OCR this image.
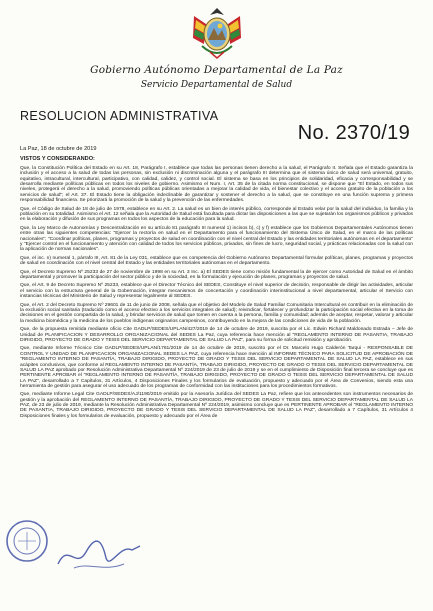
Gobierno Autónomo Departamental de La Paz
Servicio Departamental de Salud
RESOLUCION ADMINISTRATIVA
No. 2370/19
La Paz, 18 de octubre de 2019
VISTOS Y CONSIDERANDO:

Que, la Constitución Política del Estado en su Art. 18, Parágrafo I, establece que todas las personas tienen derecho a la salud, el Parágrafo II. Señala que el Estado garantiza la inclusión y el acceso a la salud de todas las personas, sin exclusión ni discriminación alguna y el parágrafo III determina que el sistema único de salud será universal, gratuito, equitativo, intracultural, intercultural, participativo, con calidad, calidez, y control social. El sistema se basa en los principios de solidaridad, eficacia y corresponsabilidad y se desarrolla mediante políticas públicas en todos los niveles de gobierno. Asimismo el Num. I, Art. 35 de la citada norma constitucional, se dispone que "El Estado, en todos sus niveles, protegerá el derecho a la salud, promoviendo políticas públicas orientadas a mejorar la calidad de vida, el bienestar colectivo y el acceso gratuito de la población a los servicios de salud"; el Art. 37. El Estado tiene la obligación indeclinable de garantizar y sostener el derecho a la salud, que se constituye en una función suprema y primera responsabilidad financiera. Se priorizará la promoción de la salud y la prevención de las enfermedades.

Que, el Código de Salud de 18 de julio de 1978, establece en su Art. 2. La salud es un bien de interés público, corresponde al Estado velar por la salud del individuo, la familia y la población en su totalidad. Asimismo el Art. 12 señala que la Autoridad de Salud está facultada para dictar las disposiciones a las que se sujetarán los organismos públicos y privados en la elaboración y difusión de sus programas en todos los aspectos de la educación para la salud.

Que, la Ley Marco de Autonomías y Descentralización en su artículo 81 parágrafo III numeral 1) incisos b), c) y f) establece que los Gobiernos Departamentales Autónomos tienen entre otras las siguientes competencias: "Ejercer la rectoría en salud en el Departamento para el funcionamiento del Sistema Único de Salud, en el marco de las políticas nacionales"; "Coordinar políticas, planes, programas y proyectos de salud en coordinación con el nivel central del Estado y las entidades territoriales autónomas en el departamento" y "Ejercer control en el funcionamiento y atención con calidad de todos los servicios públicos, privados, sin fines de lucro, seguridad social, y prácticas relacionadas con la salud con la aplicación de normas nacionales".

Que, el inc. n) numeral 1, párrafo III, Art. 81 de la Ley 031, establece que es competencia del Gobierno Autónomo Departamental formular políticas, planes, programas y proyectos de salud en coordinación con el nivel central del Estado y las entidades territoriales autónomas en el departamento.

Que, el Decreto Supremo Nº 25233 de 27 de noviembre de 1998 en su Art. 3 Inc. a) El SEDES tiene como misión fundamental la de ejercer como Autoridad de Salud en el ámbito departamental y promover la participación del sector público y de la sociedad, en la formulación y ejecución de planes, programas y proyectos de salud.

Que, el Art. 9 de Decreto Supremo Nº 25233, establece que el Director Técnico del SEDES, Constituye el nivel superior de decisión, responsable de dirigir las actividades, articular el servicio con la estructura general de la Gobernación, integrar mecanismos de concertación y coordinación interinstitucional a nivel departamental, articular el Servicio con instancias técnicas del Ministerio de Salud y representar legalmente al SEDES.

Que, el Art. 2 del Decreto Supremo Nº 29601 de 11 de junio de 2008, señala que el objetivo del Modelo de Salud Familiar Comunitaria Intercultural es contribuir en la eliminación de la exclusión social sanitaria (traducido como el acceso efectivo a los servicios integrales de salud); reivindicar, fortalecer y profundizar la participación social efectiva en la toma de decisiones en el gestión compartida de la salud, y brindar servicios de salud que tomen en cuenta a la persona, familia y comunidad; además de aceptar, respetar, valorar y articular la medicina biomédica y la medicina de los pueblos indígenas originarios campesinos, contribuyendo en la mejora de las condiciones de vida de la población.

Que, de la propuesta remitida mediante oficio Cite GADLP/SEDES/UPLAN/427/2019 de 14 de octubre de 2019, suscrita por el Lic. Edwin Richard Maldonado Estrada – Jefe de Unidad de PLANIFICACION Y DESARROLLO ORGANIZACIONAL del SEDES La Paz, cuya referencia hace mención al "REGLAMENTO INTERNO DE PASANTIA, TRABAJO DIRIGIDO, PROYECTO DE GRADO Y TESIS DEL SERVICIO DEPARTAMENTAL DE SALUD LA PAZ", para su forma de solicitud remisión y aprobación.

Que, mediante Informe Técnico Cite GADLP/SEDES/UPLAN/1761/2019 de 14 de octubre de 2019, suscrito por el Dr. Marcelo Hugo Calderón Tarqui - RESPONSABLE DE CONTROL Y UNIDAD DE PLANIFICACION ORGANIZACIONAL SEDES LA PAZ, cuya referencia hace mención al INFORME TÉCNICO PARA SOLICITUD DE APROBACIÓN DE "REGLAMENTO INTERNO DE PASANTÍA, TRABAJO DIRIGIDO, PROYECTO DE GRADO Y TESIS DEL SERVICIO DEPARTAMENTAL DE SALUD LA PAZ, establece en sus acápites conclusivos, que conforme al REGLAMENTO INTERNO DE PASANTÍA, TRABAJO DIRIGIDO, PROYECTO DE GRADO O TESIS DEL SERVICIO DEPARTAMENTAL DE SALUD LA PAZ aprobado por Resolución Administrativa Departamental Nº 224/2019 de 23 de julio de 2019 y se en el cumplimiento de Disposición final tercera se concluye que es PERTINENTE APROBAR el "REGLAMENTO INTERNO DE PASANTÍA, TRABAJO DIRIGIDO, PROYECTO DE GRADO O TESIS DEL SERVICIO DEPARTAMENTAL DE SALUD LA PAZ", desarrollado a 7 Capítulos, 31 Artículos, 4 Disposiciones Finales y los formularios de evaluación, propuesto y adecuado por el Área de Convenios, siendo esta una herramienta de gestión para asegurar el uso adecuado de los programas de conformidad con las instituciones para los procedimientos formativos.

Que, mediante Informe Legal Cite GADLP/SEDES/AJ/1190/2019 emitido por la Asesoría Jurídica del SEDES La Paz, refiere que los antecedentes son instrumentos necesarios de gestión y la aprobación del REGLAMENTO INTERNO DE PASANTÍA, TRABAJO DIRIGIDO, PROYECTO DE GRADO Y TESIS DEL SERVICIO DEPARTAMENTAL DE SALUD LA PAZ, de 23 de julio de 2019, mediante la Resolución Administrativa Departamental Nº 224/2019, asimismo concluye que es PERTINENTE APROBAR el "REGLAMENTO INTERNO DE PASANTIA, TRABAJO DIRIGIDO, PROYECTO DE GRADO Y TESIS DEL SERVICIO DEPARTAMENTAL DE SALUD LA PAZ", desarrollado a 7 Capítulos, 31 Artículos 4 Disposiciones finales y los formularios de evaluación, propuesto y adecuado por el Área de
